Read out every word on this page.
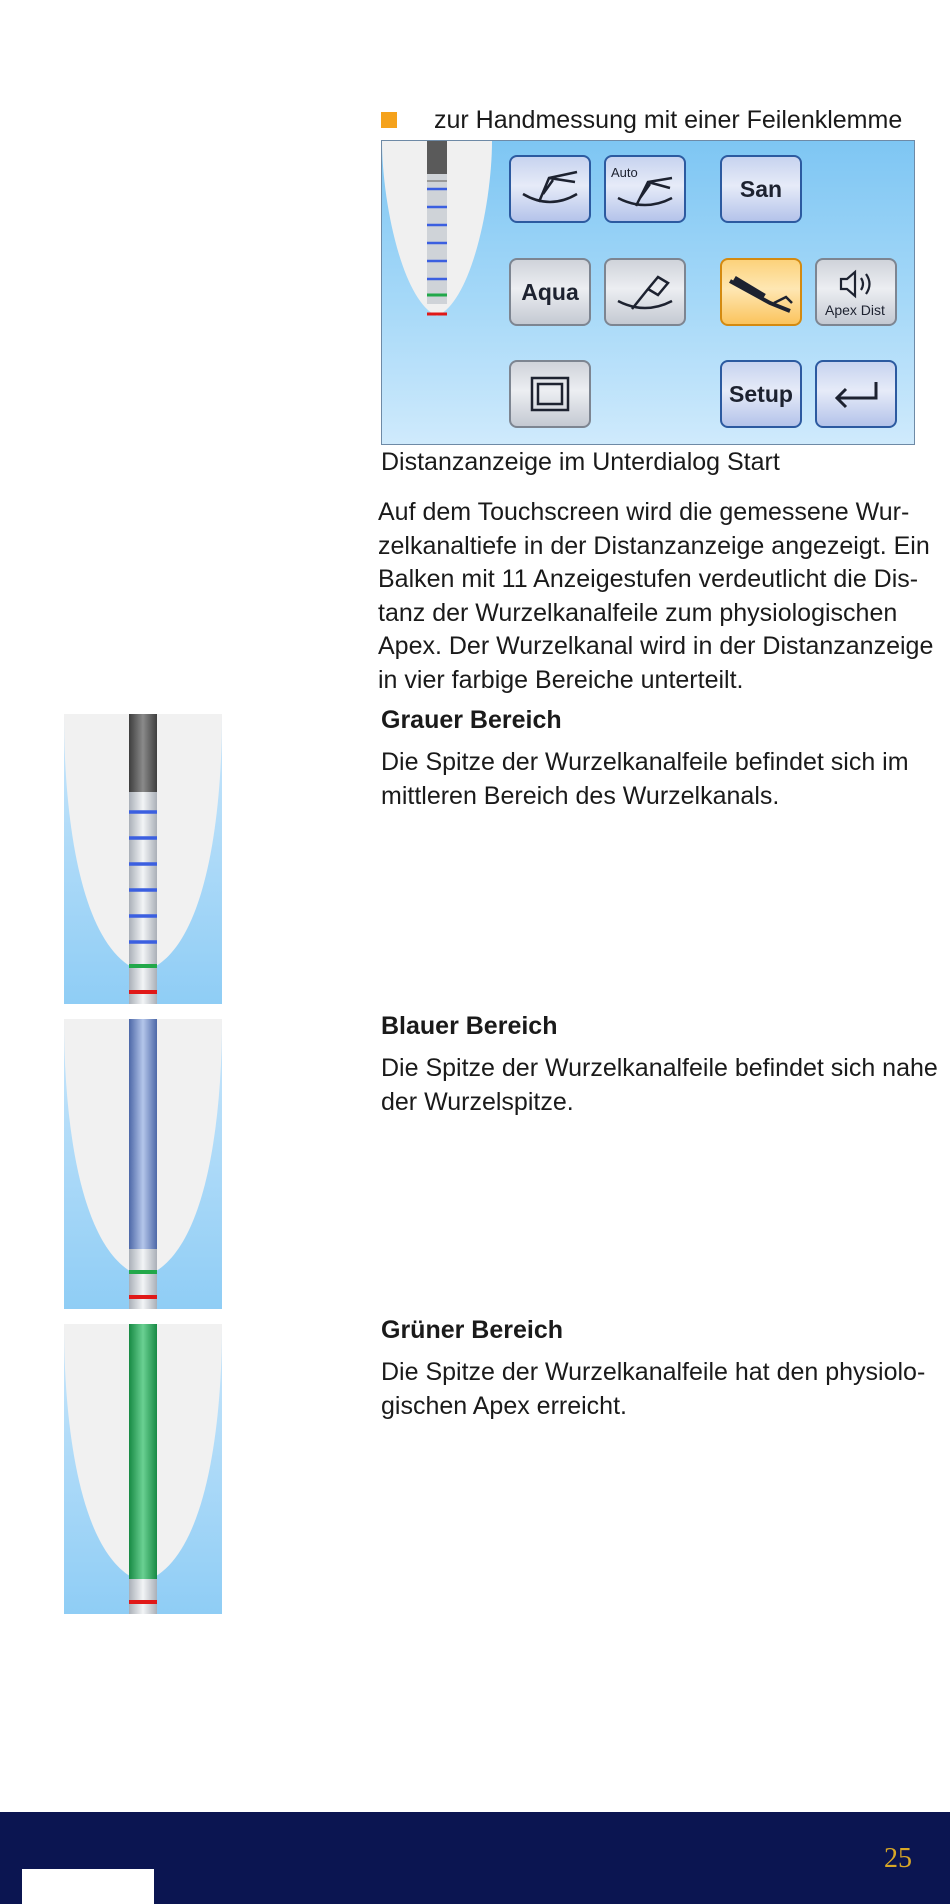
zur Handmessung mit einer Feilenklemme
Auto
San
Aqua
Apex Dist
Setup
Distanzanzeige im Unterdialog Start
Auf dem Touchscreen wird die gemessene Wur-
zelkanaltiefe in der Distanzanzeige angezeigt. Ein
Balken mit 11 Anzeigestufen verdeutlicht die Dis-
tanz der Wurzelkanalfeile zum physiologischen
Apex. Der Wurzelkanal wird in der Distanzanzeige
in vier farbige Bereiche unterteilt.
Grauer Bereich
Die Spitze der Wurzelkanalfeile befindet sich im
mittleren Bereich des Wurzelkanals.
Blauer Bereich
Die Spitze der Wurzelkanalfeile befindet sich nahe
der Wurzelspitze.
Grüner Bereich
Die Spitze der Wurzelkanalfeile hat den physiolo-
gischen Apex erreicht.
25
